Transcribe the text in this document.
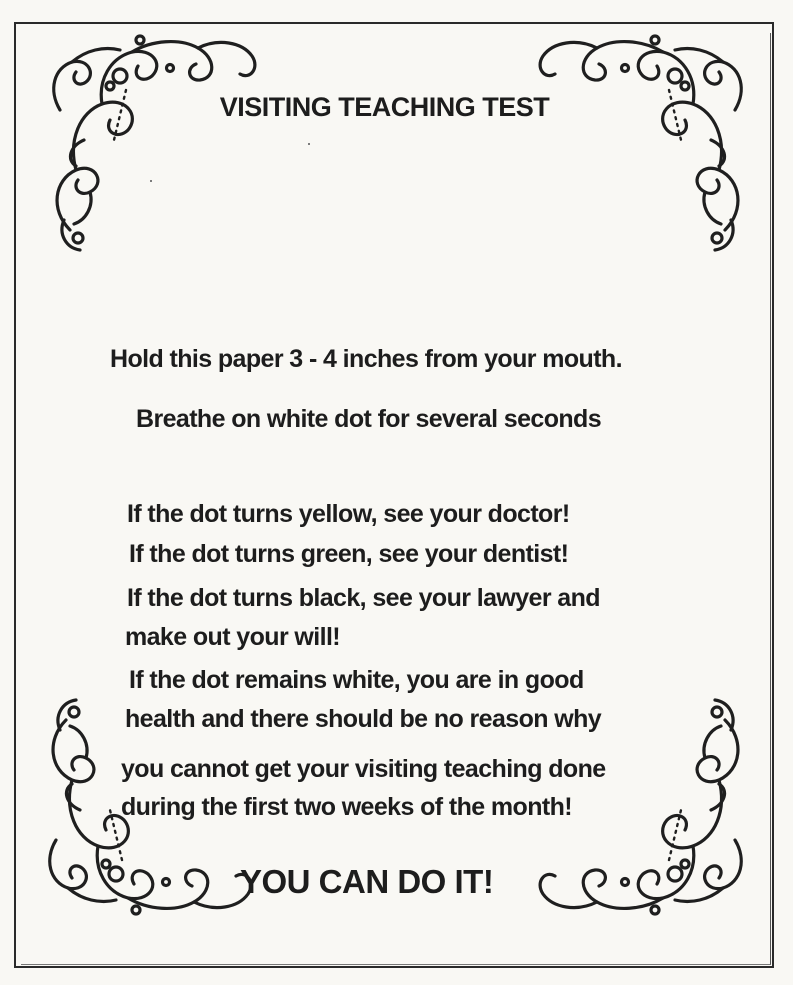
VISITING TEACHING TEST
Hold this paper 3 - 4 inches from your mouth.
Breathe on white dot for several seconds
If the dot turns yellow, see your doctor!
If the dot turns green, see your dentist!
If the dot turns black, see your lawyer and
make out your will!
If the dot remains white, you are in good
health and there should be no reason why
you cannot get your visiting teaching done
during the first two weeks of the month!
YOU CAN DO IT!
